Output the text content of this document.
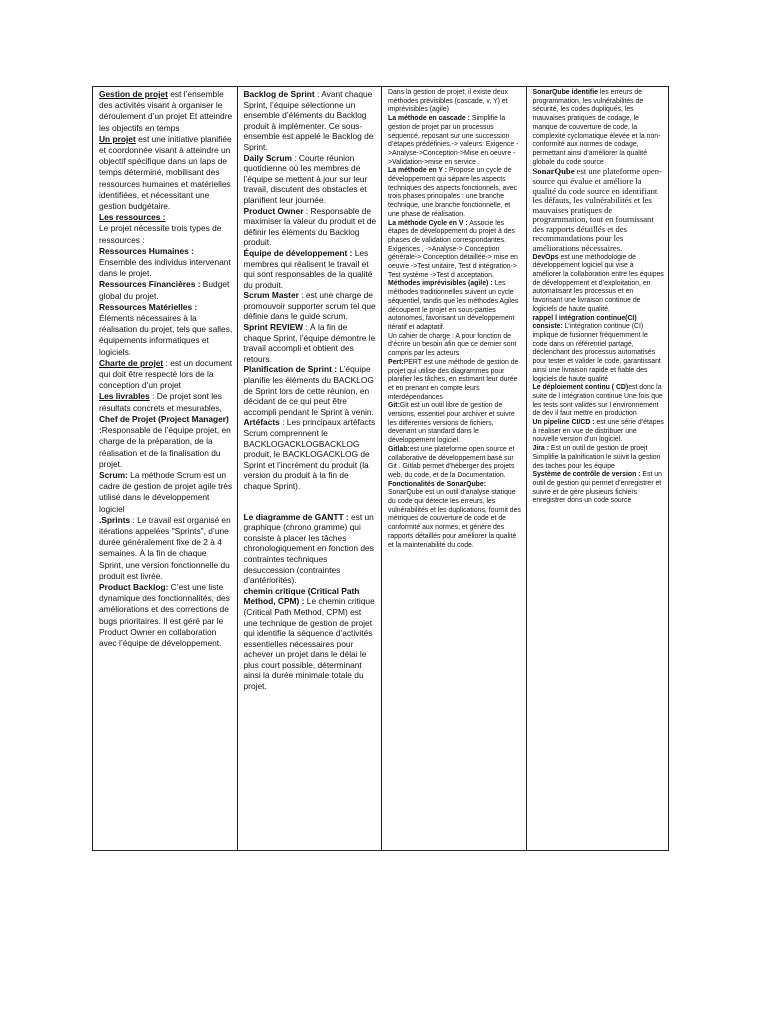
Gestion de projet est l’ensemble des activités visant à organiser le déroulement d’un projet Et atteindre les objectifs en temps

Un projet est une initiative planifiée et coordonnée visant à atteindre un objectif spécifique dans un laps de temps déterminé, mobilisant des ressources humaines et matérielles identifiées, et nécessitant une gestion budgétaire.

Les ressources :

Le projet nécessite trois types de ressources :

Ressources Humaines : Ensemble des individus intervenant dans le projet.

Ressources Financières : Budget global du projet.

Ressources Matérielles : Éléments nécessaires à la réalisation du projet, tels que salles, équipements informatiques et logiciels.

Charte de projet : est un document qui doit être respecté lors de la conception d’un projet

Les livrables : De projet sont les résultats concrets et mesurables,

Chef de Projet (Project Manager) :Responsable de l’équipe projet, en charge de la préparation, de la réalisation et de la finalisation du projet.

Scrum: La méthode Scrum est un cadre de gestion de projet agile très utilisé dans le développement logiciel

.Sprints : Le travail est organisé en itérations appelées "Sprints", d’une durée généralement fixe de 2 à 4 semaines. À la fin de chaque Sprint, une version fonctionnelle du produit est livrée.

Product Backlog: C’est une liste dynamique des fonctionnalités, des améliorations et des corrections de bugs prioritaires. Il est géré par le Product Owner en collaboration avec l’équipe de développement.

Backlog de Sprint : Avant chaque Sprint, l’équipe sélectionne un ensemble d’éléments du Backlog produit à implémenter. Ce sous-ensemble est appelé le Backlog de Sprint.

Daily Scrum : Courte réunion quotidienne où les membres de l’équipe se mettent à jour sur leur travail, discutent des obstacles et planifient leur journée.

Product Owner : Responsable de maximiser la valeur du produit et de définir les éléments du Backlog produit.

Équipe de développement : Les membres qui réalisent le travail et qui sont responsables de la qualité du produit.

Scrum Master : est une charge de promouvoir supporter scrum tel que définie dans le guide scrum.

Sprint REVIEW : À la fin de chaque Sprint, l’équipe démontre le travail accompli et obtient des retours.

Planification de Sprint : L’équipe planifie les éléments du BACKLOG de Sprint lors de cette réunion, en décidant de ce qui peut être accompli pendant le Sprint à venin.

Artéfacts : Les principaux artéfacts Scrum comprennent le BACKLOGACKLOGBACKLOG produit, le BACKLOGACKLOG de Sprint et l’incrément du produit (la version du produit à la fin de chaque Sprint).

Le diagramme de GANTT : est un graphique (chrono gramme) qui consiste à placer les tâches chronologiquement en fonction des contraintes techniques desuccession (contraintes d’antériorités).

chemin critique (Critical Path Method, CPM) : Le chemin critique (Critical Path Method, CPM) est une technique de gestion de projet qui identifie la séquence d’activités essentielles nécessaires pour achever un projet dans le délai le plus court possible, déterminant ainsi la durée minimale totale du projet.

Dans la gestion de projet, il existe deux méthodes prévisibles (cascade, v, Y) et imprévisibles (agile)

La méthode en cascade : Simplifie la gestion de projet par un processus séquencé, reposant sur une succession d’étapes prédéfinies.-> valeurs: Exigence ->Analyse->Conception->Mise en oeuvre ->Validation->mise en service .

La méthode en Y : Propose un cycle de développement qui sépare les aspects techniques des aspects fonctionnels, avec trois phases principales : une branche technique, une branche fonctionnelle, et une phase de réalisation.

La méthode Cycle en V : Associe les étapes de développement du projet à des phases de validation correspondantes. Exigences , ->Analyse-> Conception générale-> Conception détaillée-> mise en oeuvre ->Test unitaire, Test d intégration-> Test système ->Test d acceptation.

Méthodes imprévisibles (agile) : Les méthodes traditionnelles suivent un cycle séquentiel, tandis que les méthodes Agiles découpent le projet en sous-parties autonomes, favorisant un développement itératif et adaptatif.

Un cahier de charge : A pour fonction de d’écrire un besoin afin que ce dernier sont compris par les acteurs

Pert:PERT est une méthode de gestion de projet qui utilise des diagrammes pour planifier les tâches, en estimant leur durée et en prenant en compte leurs interdépendances

Git:Git est un outil libre de gestion de versions, essentiel pour archiver et suivre les différentes versions de fichiers, devenant un standard dans le développement logiciel.

Gitlab:est une plateforme open source et collaborative de développement basé sur Git . Gitlab permet d’héberger des projets web, du code, et de la Documentation.

Fonctionalités de SonarQube: SonarQube est un outil d’analyse statique du code qui détecte les erreurs, les vulnérabilités et les duplications, fournit des métriques de couverture de code et de conformité aux normes, et génère des rapports détaillés pour améliorer la qualité et la maintenabilité du code.

SonarQube identifie les erreurs de programmation, les vulnérabilités de sécurité, les codes dupliqués, les mauvaises pratiques de codage, le manque de couverture de code, la complexité cyclomatique élevée et la non-conformité aux normes de codage, permettant ainsi d’améliorer la qualité globale du code source

SonarQube est une plateforme open-source qui évalue et améliore la qualité du code source en identifiant les défauts, les vulnérabilités et les mauvaises pratiques de programmation, tout en fournissant des rapports détaillés et des recommandations pour les améliorations nécessaires.

DevOps est une méthodologie de développement logiciel qui vise à améliorer la collaboration entre les équipes de développement et d’exploitation, en automatisant les processus et en favorisant une livraison continue de logiciels de haute qualité.

rappel l intégration continue(CI) consiste: L’intégration continue (CI) implique de fusionner fréquemment le code dans un référentiel partagé, déclenchant des processus automatisés pour tester et valider le code, garantissant ainsi une livraison rapide et fiable des logiciels de haute qualité

Le déploiement continu ( CD)est donc la suite de l intégration continue Une fois que les tests sont validés sur l environnement de dev il faut mettre en production

Un pipeline CI/CD : est une série d’étapes à réaliser en vue de distribuer une nouvelle version d’un logiciel.

Jira : Est un outil de gestion de proejt Simplifie la palnification le suivit la gestion des taches pour les équipe

Système de contrôle de version : Est un outil de gestion qui permet d’enregistrer et suivre et de gère plusieurs fichiers enregistrer dons un code source
